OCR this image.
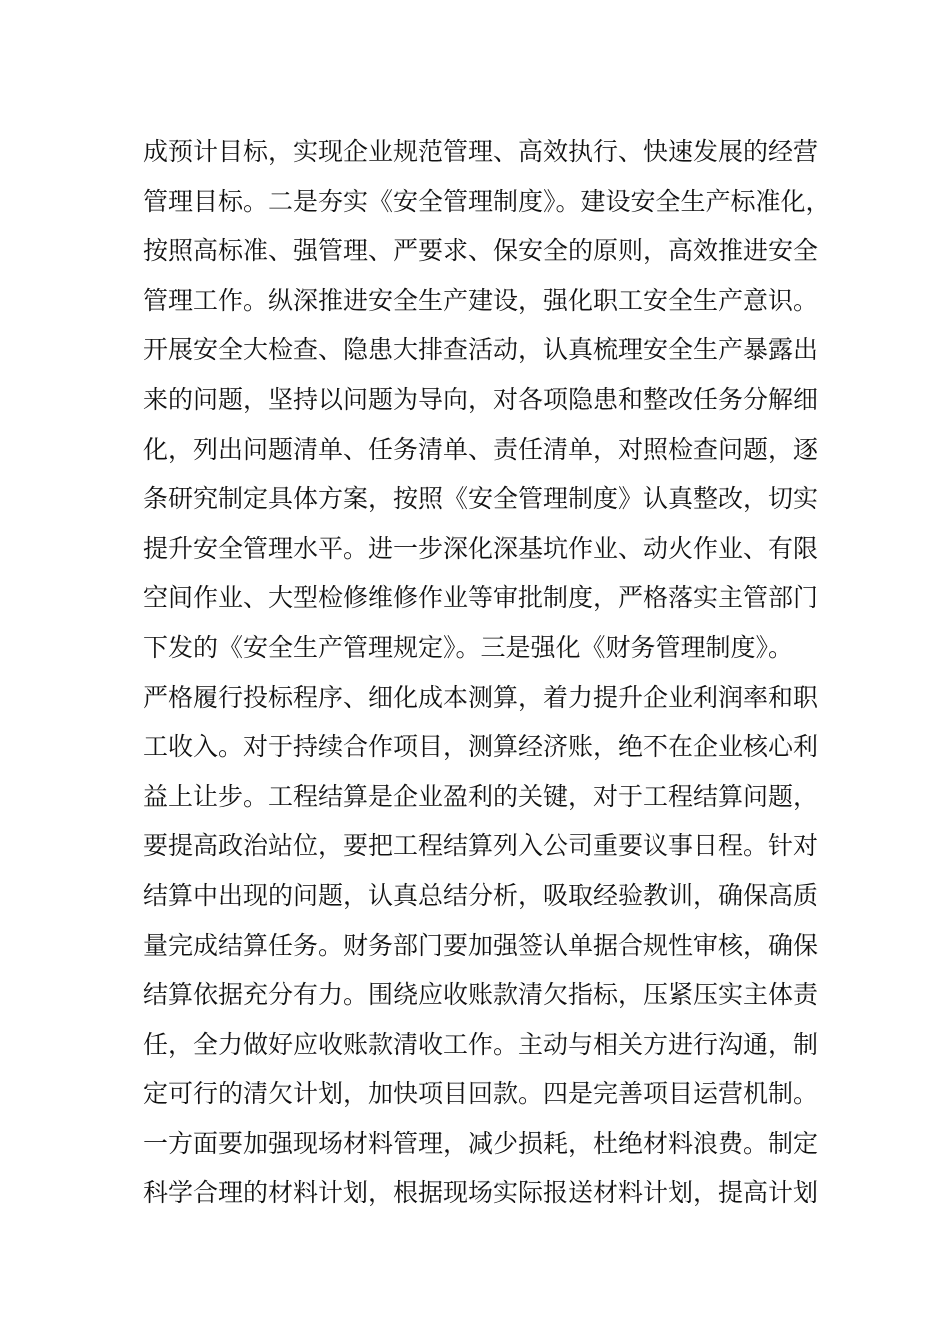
成预计目标，实现企业规范管理、高效执行、快速发展的经营
管理目标。二是夯实《安全管理制度》。建设安全生产标准化，
按照高标准、强管理、严要求、保安全的原则，高效推进安全
管理工作。纵深推进安全生产建设，强化职工安全生产意识。
开展安全大检查、隐患大排查活动，认真梳理安全生产暴露出
来的问题，坚持以问题为导向，对各项隐患和整改任务分解细
化，列出问题清单、任务清单、责任清单，对照检查问题，逐
条研究制定具体方案，按照《安全管理制度》认真整改，切实
提升安全管理水平。进一步深化深基坑作业、动火作业、有限
空间作业、大型检修维修作业等审批制度，严格落实主管部门
下发的《安全生产管理规定》。三是强化《财务管理制度》。
严格履行投标程序、细化成本测算，着力提升企业利润率和职
工收入。对于持续合作项目，测算经济账，绝不在企业核心利
益上让步。工程结算是企业盈利的关键，对于工程结算问题，
要提高政治站位，要把工程结算列入公司重要议事日程。针对
结算中出现的问题，认真总结分析，吸取经验教训，确保高质
量完成结算任务。财务部门要加强签认单据合规性审核，确保
结算依据充分有力。围绕应收账款清欠指标，压紧压实主体责
任，全力做好应收账款清收工作。主动与相关方进行沟通，制
定可行的清欠计划，加快项目回款。四是完善项目运营机制。
一方面要加强现场材料管理，减少损耗，杜绝材料浪费。制定
科学合理的材料计划，根据现场实际报送材料计划，提高计划
